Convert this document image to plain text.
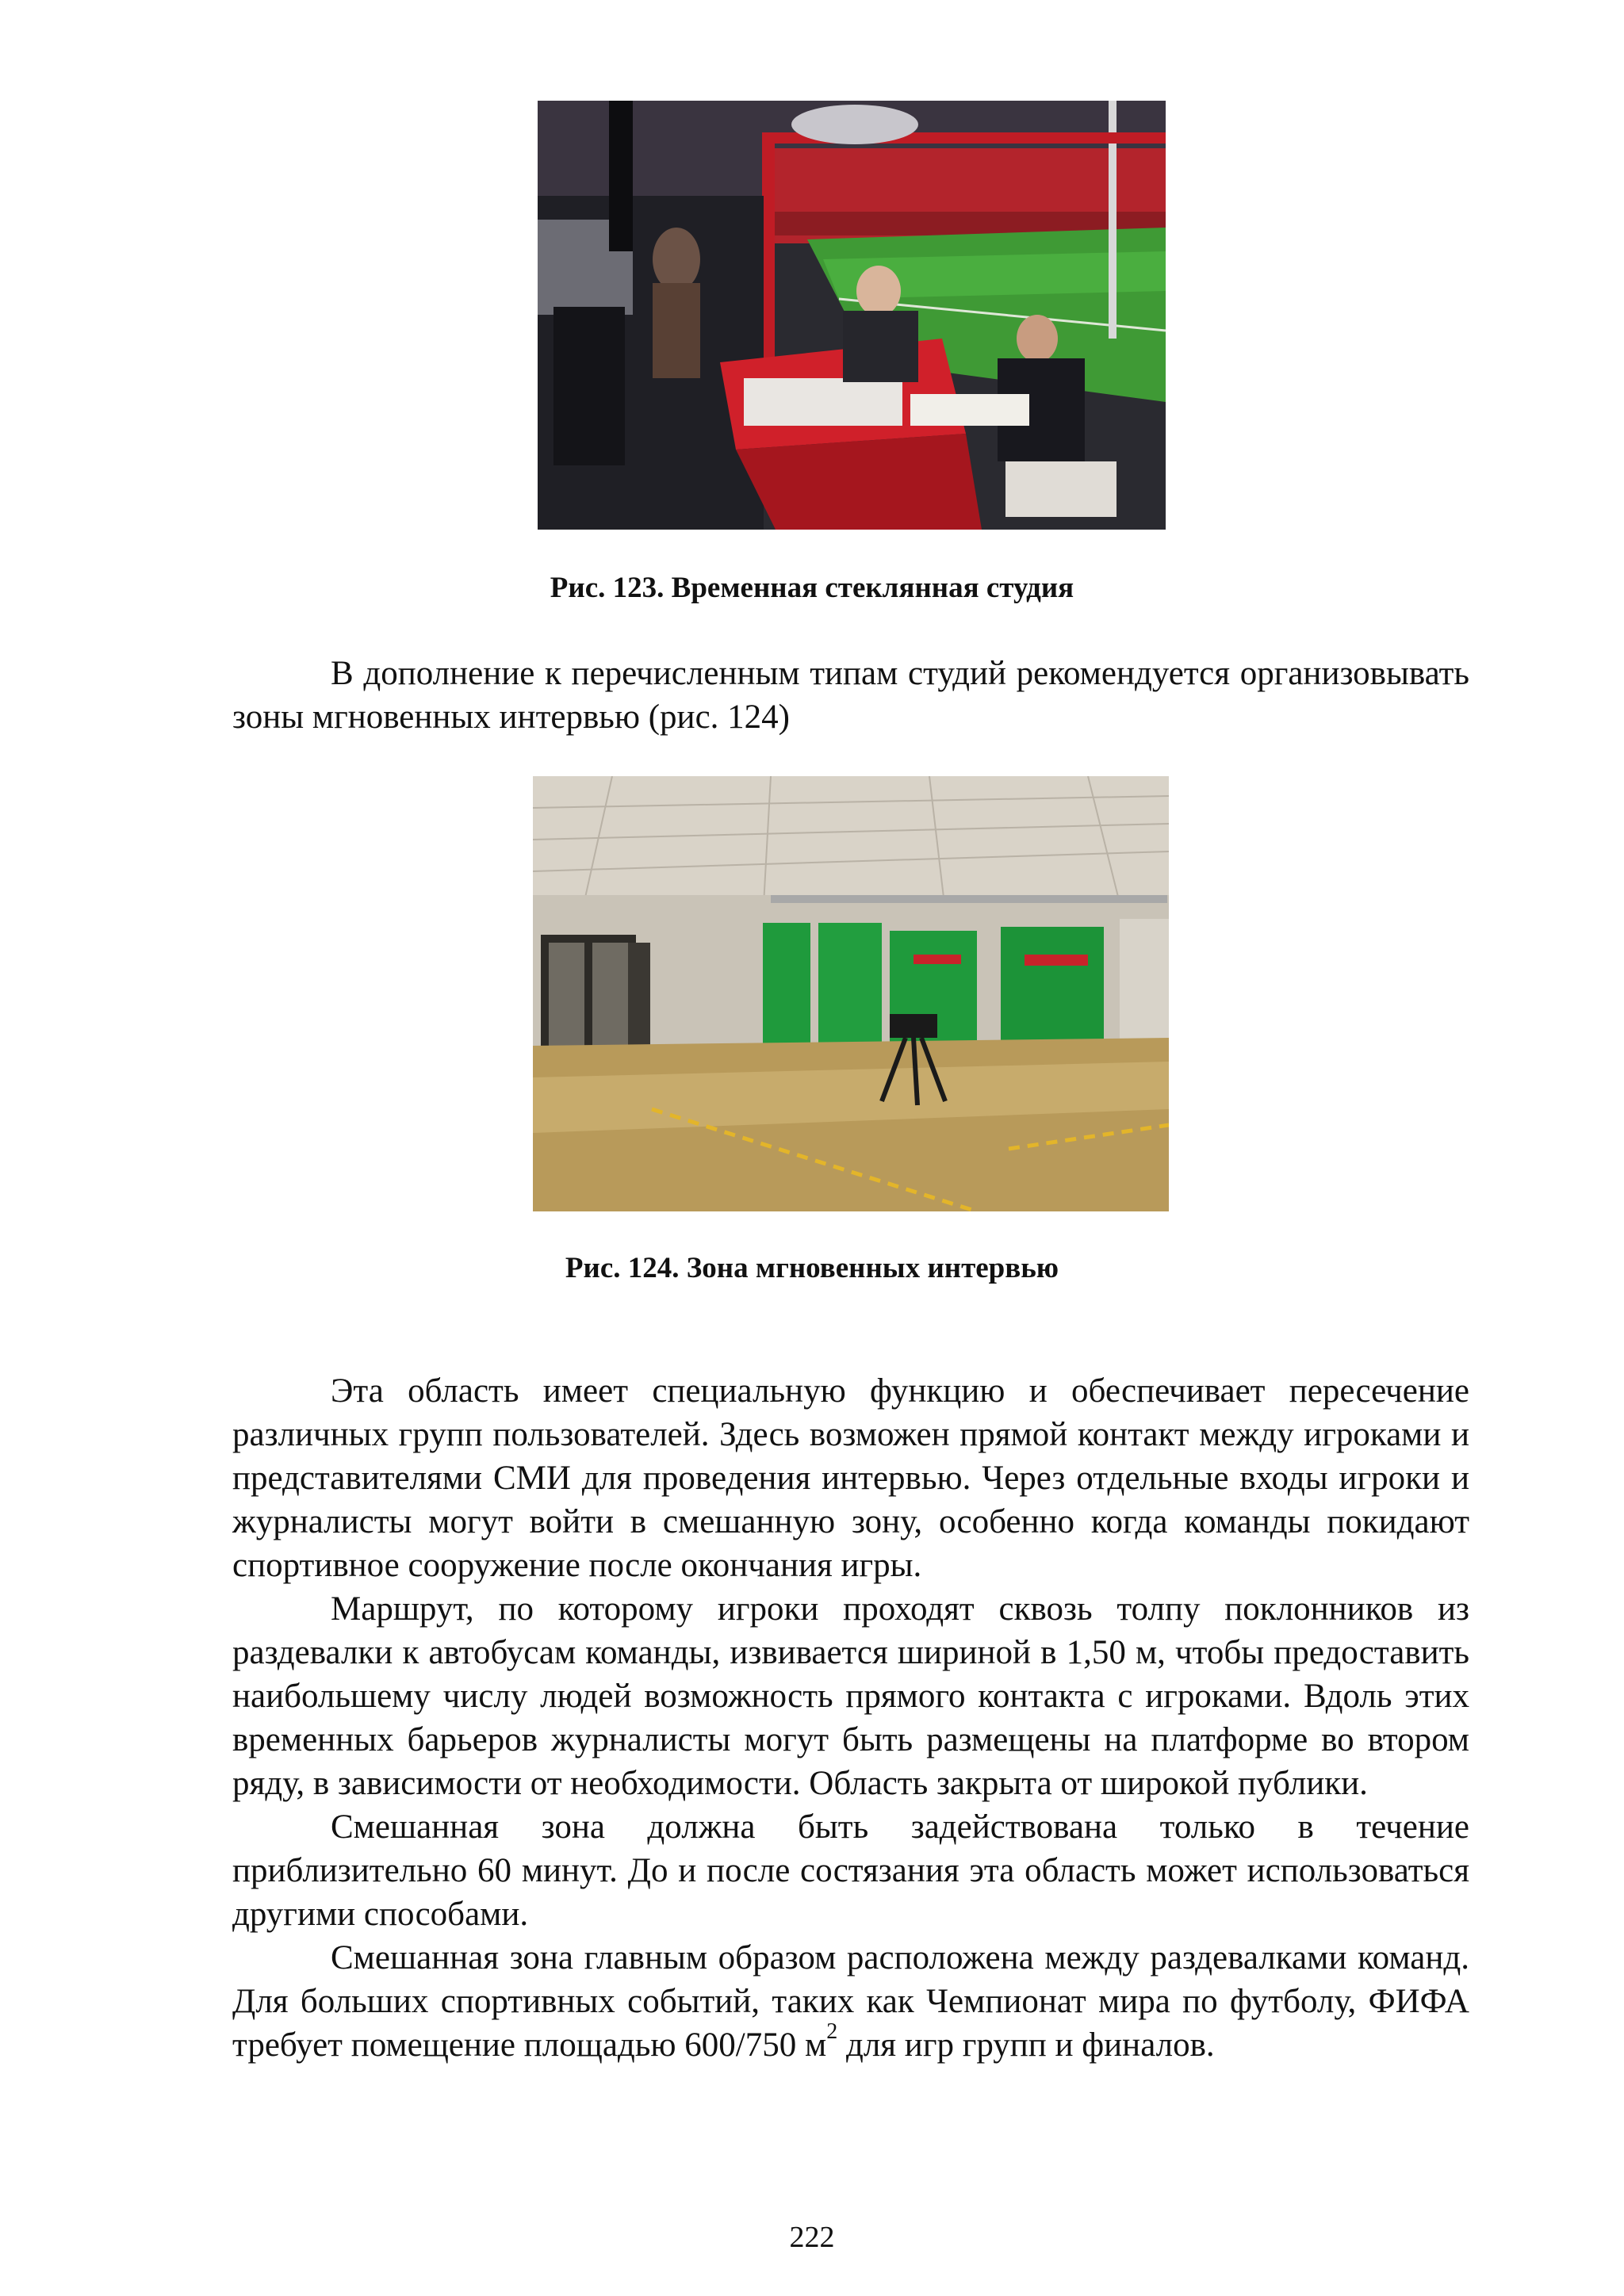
Рис. 123. Временная стеклянная студия

В дополнение к перечисленным типам студий рекомендуется организовывать зоны мгновенных интервью (рис. 124)

Рис. 124. Зона мгновенных интервью

Эта область имеет специальную функцию и обеспечивает пересечение различных групп пользователей. Здесь возможен прямой контакт между игроками и представителями СМИ для проведения интервью. Через отдельные входы игроки и журналисты могут войти в смешанную зону, особенно когда команды покидают спортивное сооружение после окончания игры.

Маршрут, по которому игроки проходят сквозь толпу поклонников из раздевалки к автобусам команды, извивается шириной в 1,50 м, чтобы предоставить наибольшему числу людей возможность прямого контакта с игроками. Вдоль этих временных барьеров журналисты могут быть размещены на платформе во втором ряду, в зависимости от необходимости. Область закрыта от широкой публики.

Смешанная зона должна быть задействована только в течение приблизительно 60 минут. До и после состязания эта область может использоваться другими способами.

Смешанная зона главным образом расположена между раздевалками команд. Для больших спортивных событий, таких как Чемпионат мира по футболу, ФИФА требует помещение площадью 600/750 $м^2$ для игр групп и финалов.

222
